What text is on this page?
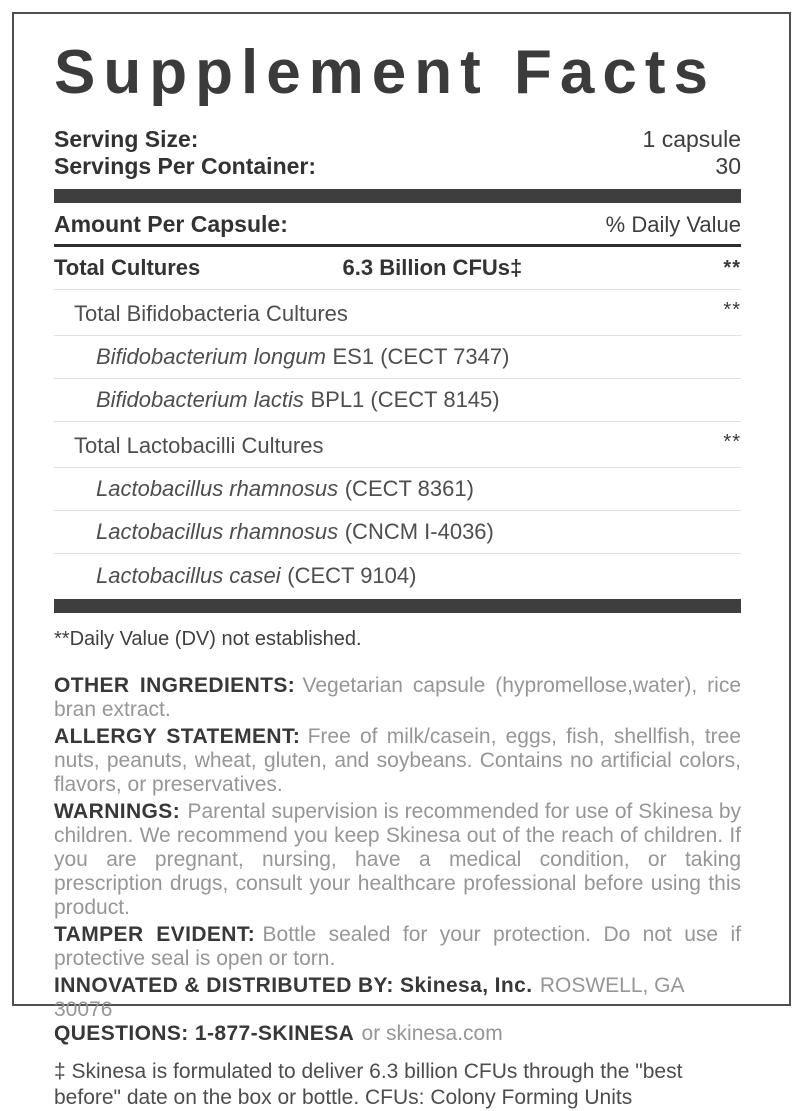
Supplement Facts
Serving Size:	1 capsule
Servings Per Container:	30
Amount Per Capsule:	% Daily Value
Total Cultures	6.3 Billion CFUs‡	**
Total Bifidobacteria Cultures	**
Bifidobacterium longum ES1 (CECT 7347)
Bifidobacterium lactis BPL1 (CECT 8145)
Total Lactobacilli Cultures	**
Lactobacillus rhamnosus (CECT 8361)
Lactobacillus rhamnosus (CNCM I-4036)
Lactobacillus casei (CECT 9104)
**Daily Value (DV) not established.

OTHER INGREDIENTS: Vegetarian capsule (hypromellose,water), rice bran extract.

ALLERGY STATEMENT: Free of milk/casein, eggs, fish, shellfish, tree nuts, peanuts, wheat, gluten, and soybeans. Contains no artificial colors, flavors, or preservatives.

WARNINGS: Parental supervision is recommended for use of Skinesa by children. We recommend you keep Skinesa out of the reach of children. If you are pregnant, nursing, have a medical condition, or taking prescription drugs, consult your healthcare professional before using this product.

TAMPER EVIDENT: Bottle sealed for your protection. Do not use if protective seal is open or torn.

INNOVATED & DISTRIBUTED BY: Skinesa, Inc. ROSWELL, GA 30076

QUESTIONS: 1-877-SKINESA or skinesa.com

‡ Skinesa is formulated to deliver 6.3 billion CFUs through the "best before" date on the box or bottle. CFUs: Colony Forming Units
